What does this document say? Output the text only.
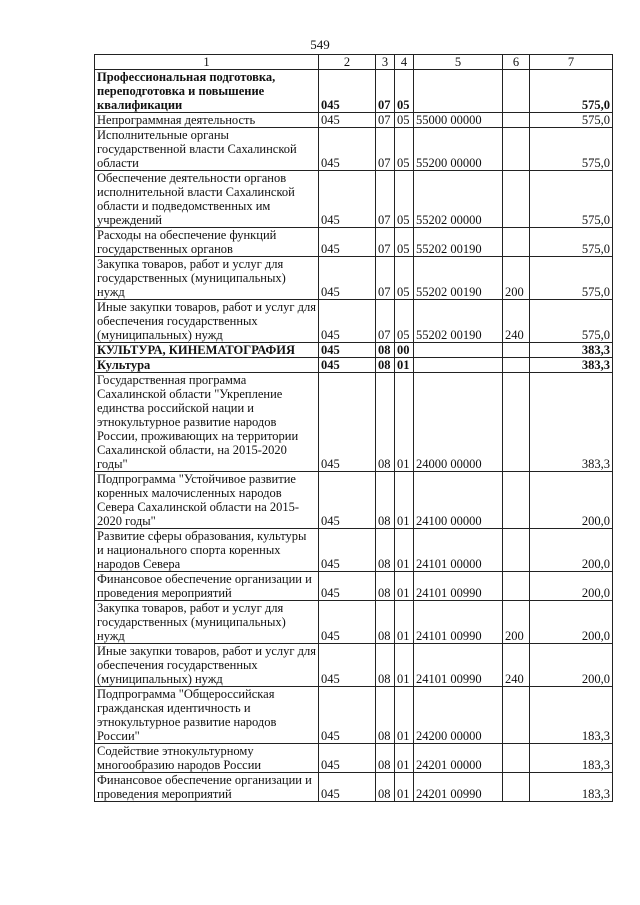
549
1	2	3	4	5	6	7
Профессиональная подготовка, переподготовка и повышение квалификации	045	07	05			575,0
Непрограммная деятельность	045	07	05	55000 00000		575,0
Исполнительные органы государственной власти Сахалинской области	045	07	05	55200 00000		575,0
Обеспечение деятельности органов исполнительной власти Сахалинской области и подведомственных им учреждений	045	07	05	55202 00000		575,0
Расходы на обеспечение функций государственных органов	045	07	05	55202 00190		575,0
Закупка товаров, работ и услуг для государственных (муниципальных) нужд	045	07	05	55202 00190	200	575,0
Иные закупки товаров, работ и услуг для обеспечения государственных (муниципальных) нужд	045	07	05	55202 00190	240	575,0
КУЛЬТУРА, КИНЕМАТОГРАФИЯ	045	08	00			383,3
Культура	045	08	01			383,3
Государственная программа Сахалинской области "Укрепление единства российской нации и этнокультурное развитие народов России, проживающих на территории Сахалинской области, на 2015-2020 годы"	045	08	01	24000 00000		383,3
Подпрограмма "Устойчивое развитие коренных малочисленных народов Севера Сахалинской области на 2015-2020 годы"	045	08	01	24100 00000		200,0
Развитие сферы образования, культуры и национального спорта коренных народов Севера	045	08	01	24101 00000		200,0
Финансовое обеспечение организации и проведения мероприятий	045	08	01	24101 00990		200,0
Закупка товаров, работ и услуг для государственных (муниципальных) нужд	045	08	01	24101 00990	200	200,0
Иные закупки товаров, работ и услуг для обеспечения государственных (муниципальных) нужд	045	08	01	24101 00990	240	200,0
Подпрограмма "Общероссийская гражданская идентичность и этнокультурное развитие народов России"	045	08	01	24200 00000		183,3
Содействие этнокультурному многообразию народов России	045	08	01	24201 00000		183,3
Финансовое обеспечение организации и проведения мероприятий	045	08	01	24201 00990		183,3
